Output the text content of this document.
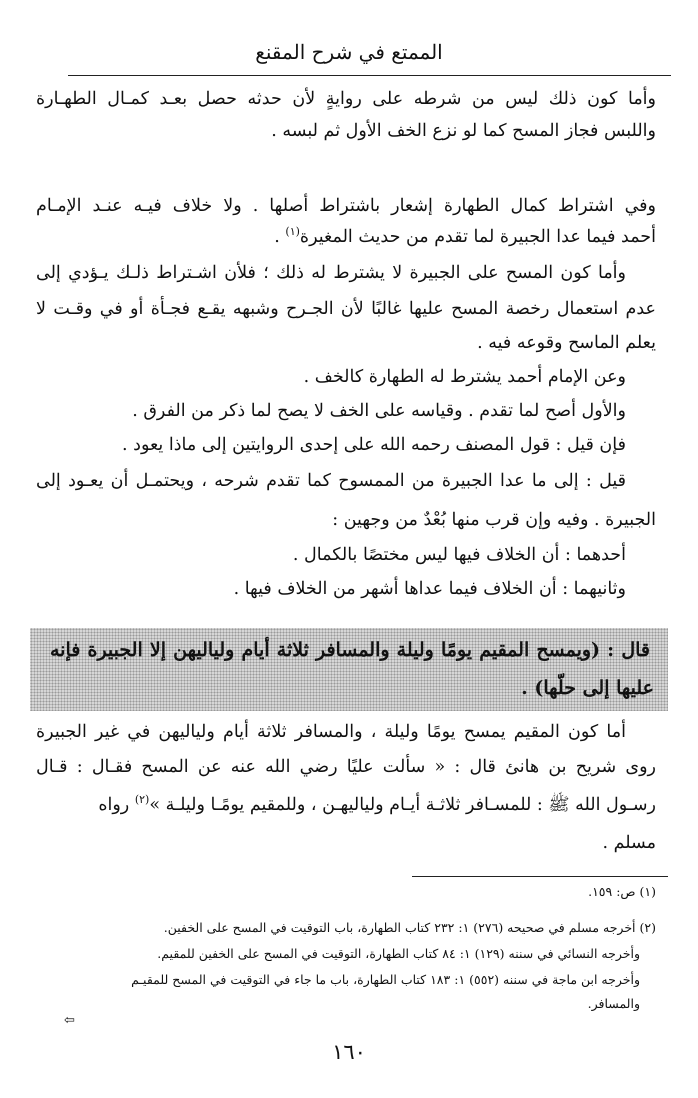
الممتع في شرح المقنع
وأما كون ذلك ليس من شرطه على روايةٍ لأن حدثه حصل بعـد كمـال الطهـارة
واللبس فجاز المسح كما لو نزع الخف الأول ثم لبسه .
وفي اشتراط كمال الطهارة إشعار باشتراط أصلها . ولا خلاف فيـه عنـد الإمـام
أحمد فيما عدا الجبيرة لما تقدم من حديث المغيرة$^{(١)}$ .
وأما كون المسح على الجبيرة لا يشترط له ذلك ؛ فلأن اشـتراط ذلـك يـؤدي إلى
عدم استعمال رخصة المسح عليها غالبًا لأن الجـرح وشبهه يقـع فجـأة أو في وقـت لا
يعلم الماسح وقوعه فيه .
وعن الإمام أحمد يشترط له الطهارة كالخف .
والأول أصح لما تقدم . وقياسه على الخف لا يصح لما ذكر من الفرق .
فإن قيل : قول المصنف رحمه الله على إحدى الروايتين إلى ماذا يعود .
قيل : إلى ما عدا الجبيرة من الممسوح كما تقدم شرحه ، ويحتمـل أن يعـود إلى
الجبيرة . وفيه وإن قرب منها بُعْدٌ من وجهين :
أحدهما : أن الخلاف فيها ليس مختصًا بالكمال .
وثانيهما : أن الخلاف فيما عداها أشهر من الخلاف فيها .
قال : (ويمسح المقيم يومًا وليلة والمسافر ثلاثة أيام ولياليهن إلا الجبيرة فإنه
عليها إلى حلّها) .
أما كون المقيم يمسح يومًا وليلة ، والمسافر ثلاثة أيام ولياليهن في غير الجبيرة
روى شريح بن هانئ قال : « سألت عليًا رضي الله عنه عن المسح فقـال : قـال
رسـول الله ﷺ : للمسـافر ثلاثـة أيـام ولياليهـن ، وللمقيم يومًـا وليلـة »$^{(٢)}$ رواه
مسلم .
(١) ص: ١٥٩.
(٢) أخرجه مسلم في صحيحه (٢٧٦) ١: ٢٣٢ كتاب الطهارة، باب التوقيت في المسح على الخفين.
وأخرجه النسائي في سننه (١٢٩) ١: ٨٤ كتاب الطهارة، التوقيت في المسح على الخفين للمقيم.
وأخرجه ابن ماجة في سننه (٥٥٢) ١: ١٨٣ كتاب الطهارة، باب ما جاء في التوقيت في المسح للمقيـم
والمسافر.
⇦
١٦٠
